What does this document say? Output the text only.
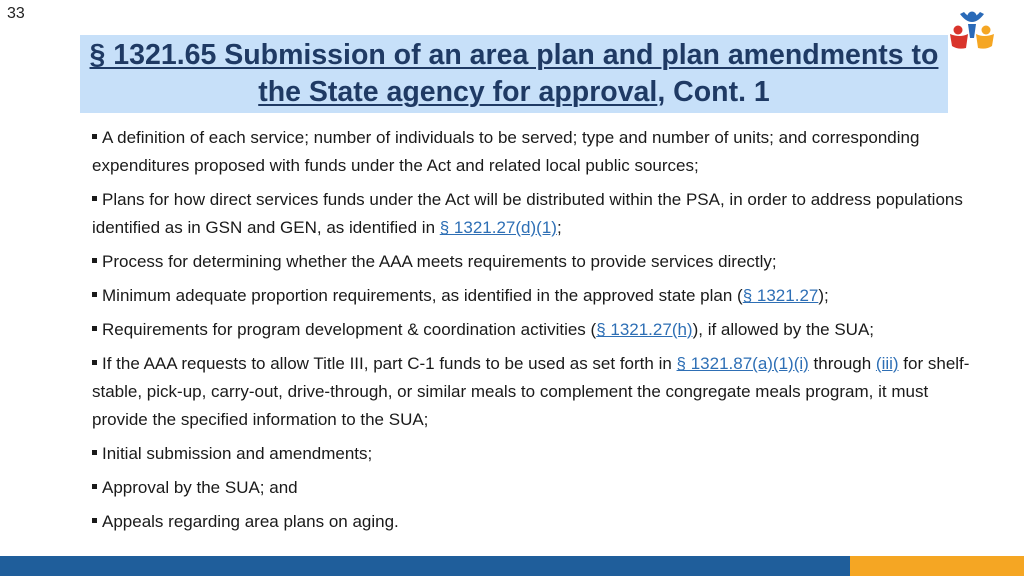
33
§ 1321.65 Submission of an area plan and plan amendments to the State agency for approval, Cont. 1
A definition of each service; number of individuals to be served; type and number of units; and corresponding expenditures proposed with funds under the Act and related local public sources;
Plans for how direct services funds under the Act will be distributed within the PSA, in order to address populations identified as in GSN and GEN, as identified in § 1321.27(d)(1);
Process for determining whether the AAA meets requirements to provide services directly;
Minimum adequate proportion requirements, as identified in the approved state plan (§ 1321.27);
Requirements for program development & coordination activities (§ 1321.27(h)), if allowed by the SUA;
If the AAA requests to allow Title III, part C-1 funds to be used as set forth in § 1321.87(a)(1)(i) through (iii) for shelf-stable, pick-up, carry-out, drive-through, or similar meals to complement the congregate meals program, it must provide the specified information to the SUA;
Initial submission and amendments;
Approval by the SUA; and
Appeals regarding area plans on aging.
